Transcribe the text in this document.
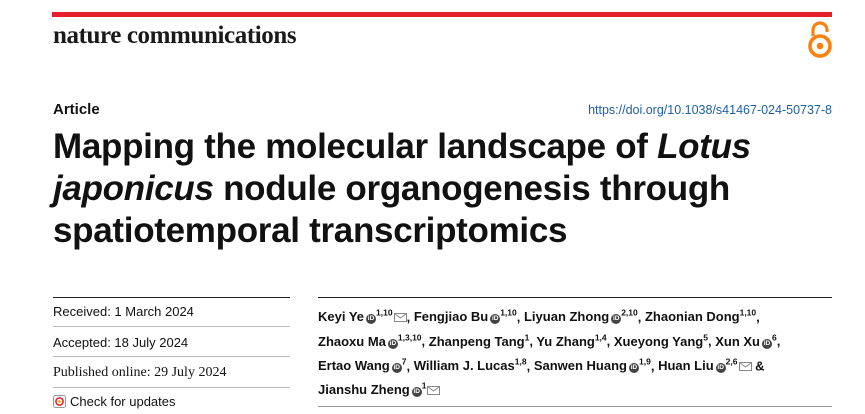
nature communications
Article	https://doi.org/10.1038/s41467-024-50737-8
Mapping the molecular landscape of Lotus
japonicus nodule organogenesis through spatiotemporal transcriptomics
Received: 1 March 2024
Accepted: 18 July 2024
Published online: 29 July 2024
Check for updates
Keyi Ye iD$^{1,10}$ , Fengjiao Bu iD$^{1,10}$, Liyuan Zhong iD$^{2,10}$, Zhaonian Dong$^{1,10}$, Zhaoxu Ma iD$^{1,3,10}$, Zhanpeng Tang$^1$, Yu Zhang$^{1,4}$, Xueyong Yang$^5$, Xun Xu $iD^6$, Ertao Wang $iD^7$, William J. Lucas$^{1,8}$, Sanwen Huang iD$^{1,9}$, Huan Liu iD$^{2,6}$ & Jianshu Zheng $iD^1$
